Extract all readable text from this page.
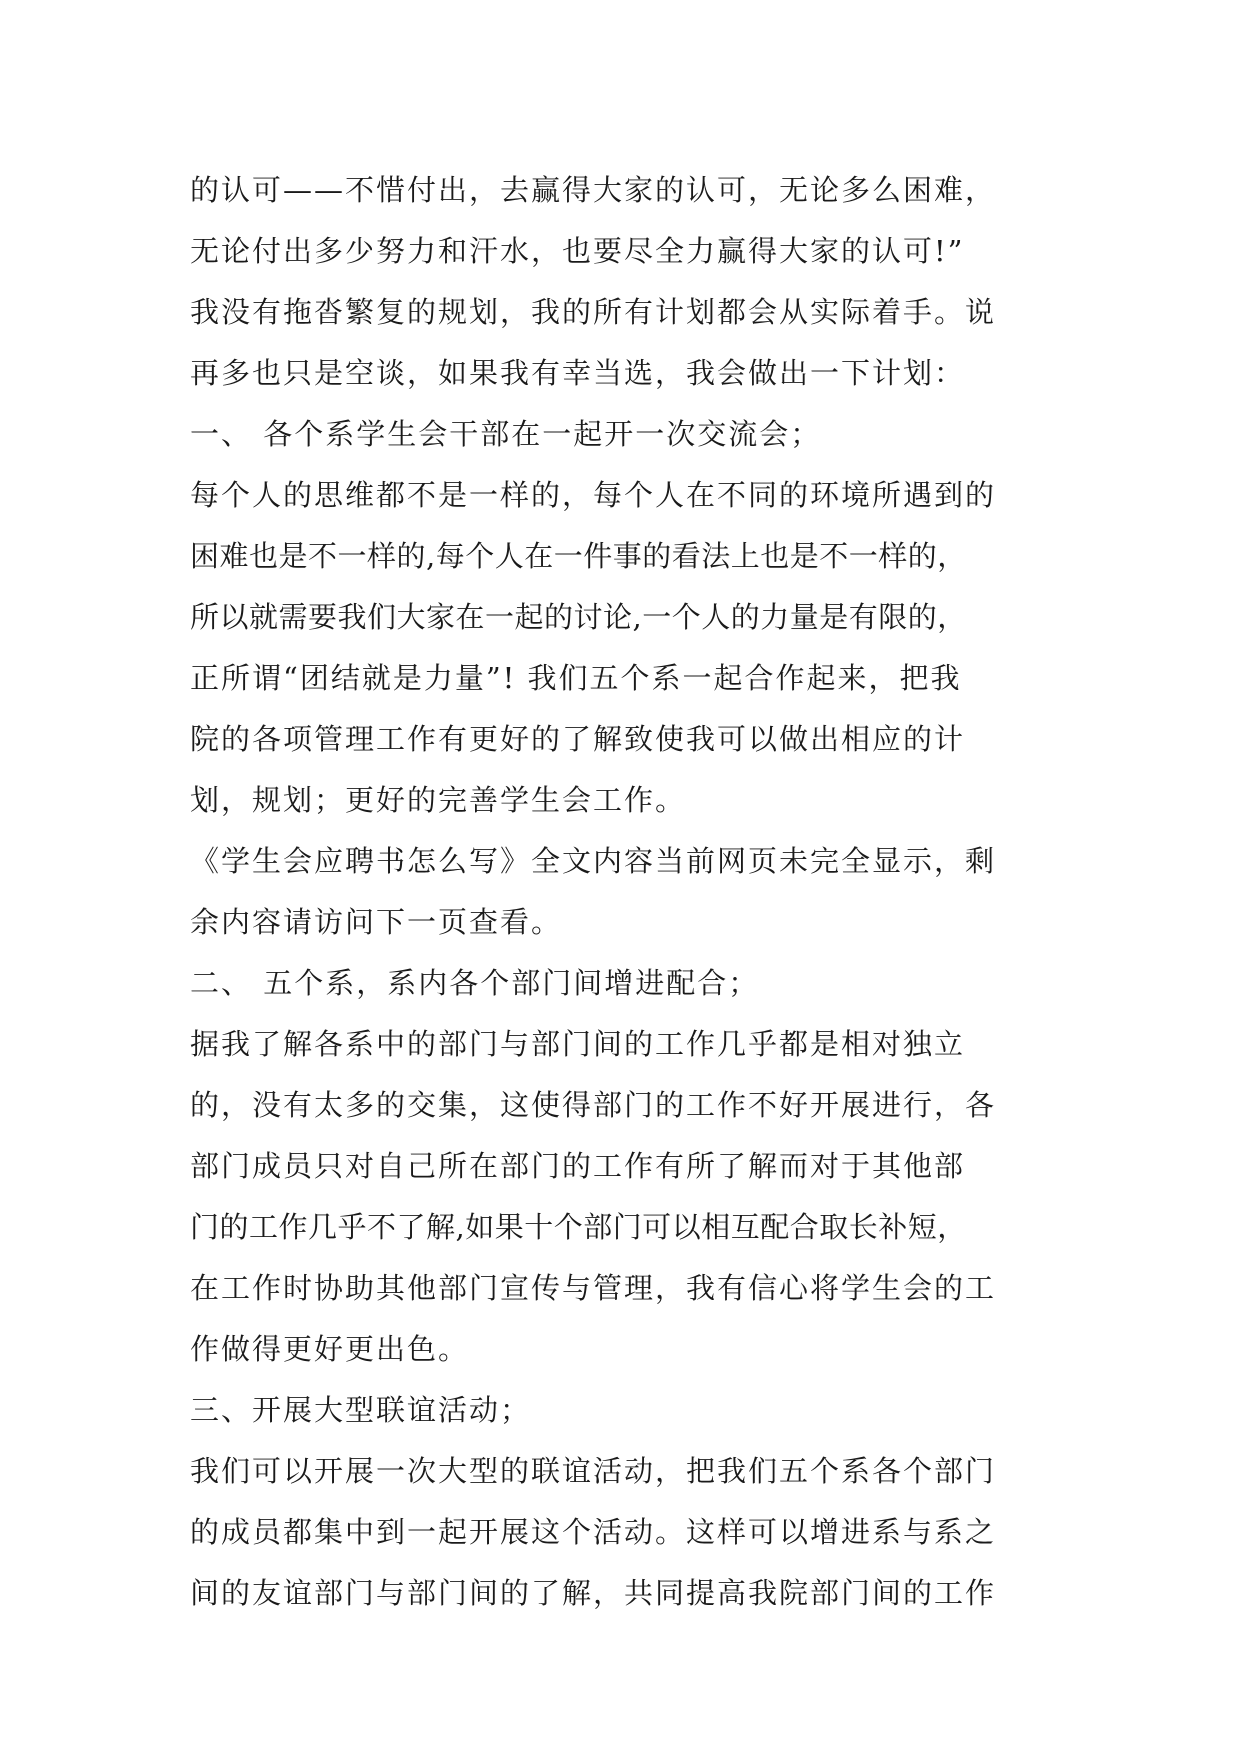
的认可——不惜付出，去赢得大家的认可，无论多么困难，
无论付出多少努力和汗水，也要尽全力赢得大家的认可!”
我没有拖沓繁复的规划，我的所有计划都会从实际着手。说
再多也只是空谈，如果我有幸当选，我会做出一下计划：
一、 各个系学生会干部在一起开一次交流会；
每个人的思维都不是一样的，每个人在不同的环境所遇到的
困难也是不一样的,每个人在一件事的看法上也是不一样的，
所以就需要我们大家在一起的讨论,一个人的力量是有限的，
正所谓“团结就是力量”! 我们五个系一起合作起来，把我
院的各项管理工作有更好的了解致使我可以做出相应的计
划，规划；更好的完善学生会工作。
《学生会应聘书怎么写》全文内容当前网页未完全显示，剩
余内容请访问下一页查看。
二、 五个系，系内各个部门间增进配合；
据我了解各系中的部门与部门间的工作几乎都是相对独立
的，没有太多的交集，这使得部门的工作不好开展进行，各
部门成员只对自己所在部门的工作有所了解而对于其他部
门的工作几乎不了解,如果十个部门可以相互配合取长补短，
在工作时协助其他部门宣传与管理，我有信心将学生会的工
作做得更好更出色。
三、开展大型联谊活动；
我们可以开展一次大型的联谊活动，把我们五个系各个部门
的成员都集中到一起开展这个活动。这样可以增进系与系之
间的友谊部门与部门间的了解，共同提高我院部门间的工作
